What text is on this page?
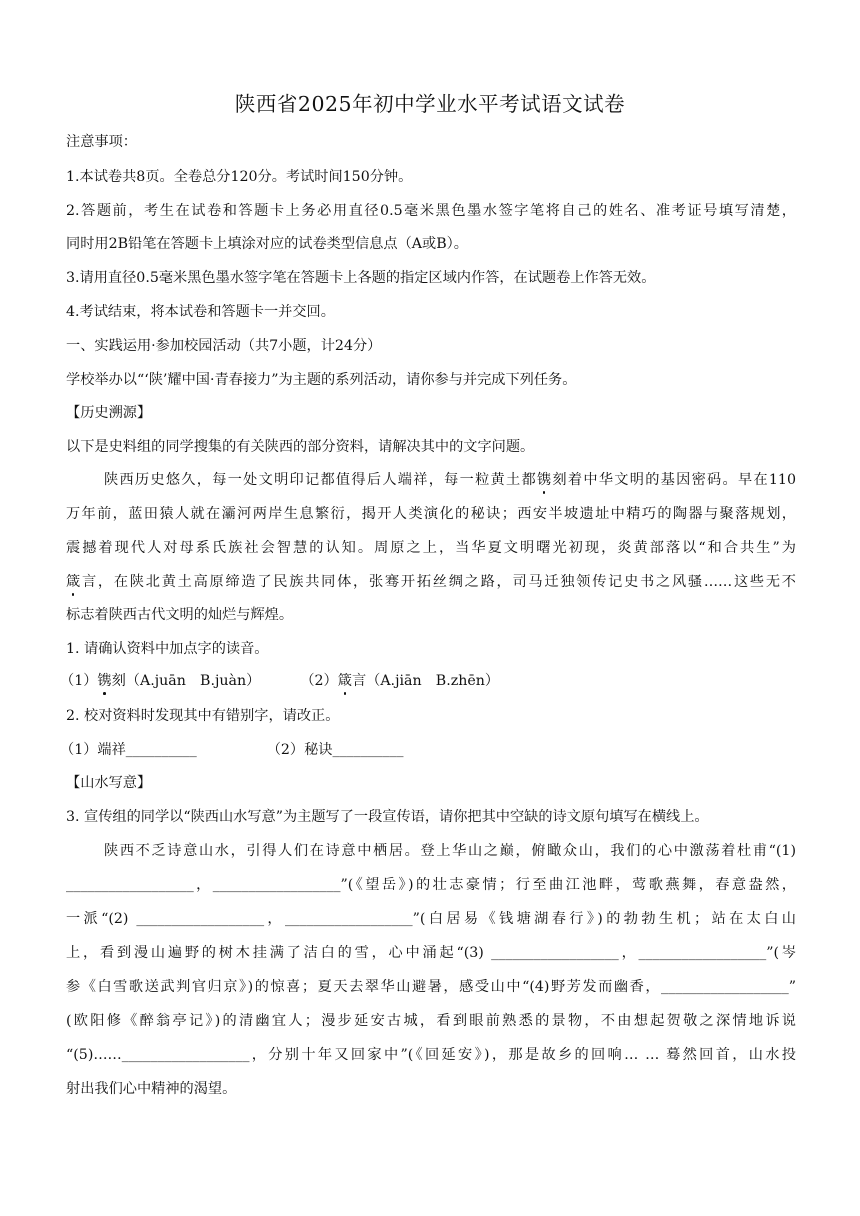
陕西省2025年初中学业水平考试语文试卷
注意事项：
1.本试卷共8页。全卷总分120分。考试时间150分钟。
2.答题前，考生在试卷和答题卡上务必用直径0.5毫米黑色墨水签字笔将自己的姓名、准考证号填写清楚，
同时用2B铅笔在答题卡上填涂对应的试卷类型信息点（A或B）。
3.请用直径0.5毫米黑色墨水签字笔在答题卡上各题的指定区域内作答，在试题卷上作答无效。
4.考试结束，将本试卷和答题卡一并交回。
一、实践运用·参加校园活动（共7小题，计24分）
学校举办以“‘陕’耀中国·青春接力”为主题的系列活动，请你参与并完成下列任务。
【历史溯源】
以下是史料组的同学搜集的有关陕西的部分资料，请解决其中的文字问题。
陕西历史悠久，每一处文明印记都值得后人端祥，每一粒黄土都镌刻着中华文明的基因密码。早在110
万年前，蓝田猿人就在灞河两岸生息繁衍，揭开人类演化的秘诀；西安半坡遗址中精巧的陶器与聚落规划，
震撼着现代人对母系氏族社会智慧的认知。周原之上，当华夏文明曙光初现，炎黄部落以“和合共生”为
箴言，在陕北黄土高原缔造了民族共同体，张骞开拓丝绸之路，司马迁独领传记史书之风骚……这些无不
标志着陕西古代文明的灿烂与辉煌。
1. 请确认资料中加点字的读音。
（1）镌刻（A.juān　B.juàn）	（2）箴言（A.jiān　B.zhēn）
2. 校对资料时发现其中有错别字，请改正。
（1）端祥__________	（2）秘诀__________
【山水写意】
3. 宣传组的同学以“陕西山水写意”为主题写了一段宣传语，请你把其中空缺的诗文原句填写在横线上。
陕西不乏诗意山水，引得人们在诗意中栖居。登上华山之巅，俯瞰众山，我们的心中激荡着杜甫“(1)
__________________，__________________”(《望岳》)的壮志豪情；行至曲江池畔，莺歌燕舞，春意盎然，
一派“(2) __________________，__________________”(白居易《钱塘湖春行》)的勃勃生机；站在太白山
上，看到漫山遍野的树木挂满了洁白的雪，心中涌起“(3) __________________，__________________”(岑
参《白雪歌送武判官归京》)的惊喜；夏天去翠华山避暑，感受山中“(4)野芳发而幽香，__________________”
(欧阳修《醉翁亭记》)的清幽宜人；漫步延安古城，看到眼前熟悉的景物，不由想起贺敬之深情地诉说
“(5)……__________________，分别十年又回家中”(《回延安》)，那是故乡的回响… … 蓦然回首，山水投
射出我们心中精神的渴望。
